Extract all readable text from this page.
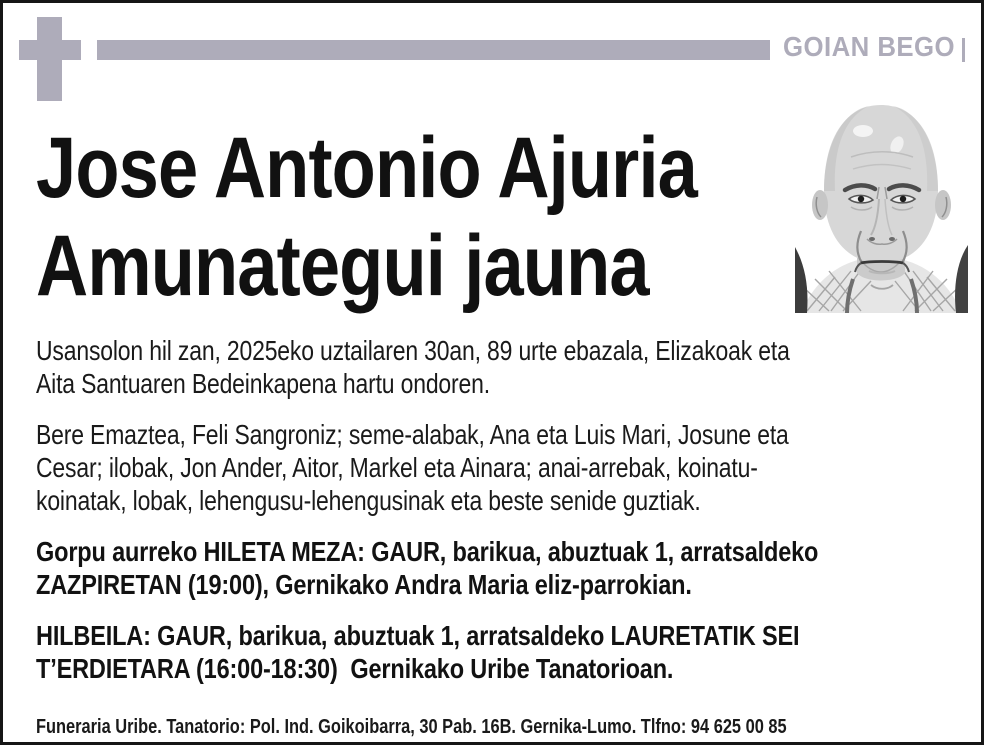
GOIAN BEGO
Jose Antonio Ajuria
Amunategui jauna

Usansolon hil zan, 2025eko uztailaren 30an, 89 urte ebazala, Elizakoak eta
Aita Santuaren Bedeinkapena hartu ondoren.

Bere Emaztea, Feli Sangroniz; seme-alabak, Ana eta Luis Mari, Josune eta
Cesar; ilobak, Jon Ander, Aitor, Markel eta Ainara; anai-arrebak, koinatu-
koinatak, lobak, lehengusu-lehengusinak eta beste senide guztiak.

Gorpu aurreko HILETA MEZA: GAUR, barikua, abuztuak 1, arratsaldeko
ZAZPIRETAN (19:00), Gernikako Andra Maria eliz-parrokian.

HILBEILA: GAUR, barikua, abuztuak 1, arratsaldeko LAURETATIK SEI
T’ERDIETARA (16:00-18:30)  Gernikako Uribe Tanatorioan.

Funeraria Uribe. Tanatorio: Pol. Ind. Goikoibarra, 30 Pab. 16B. Gernika-Lumo. Tlfno: 94 625 00 85
